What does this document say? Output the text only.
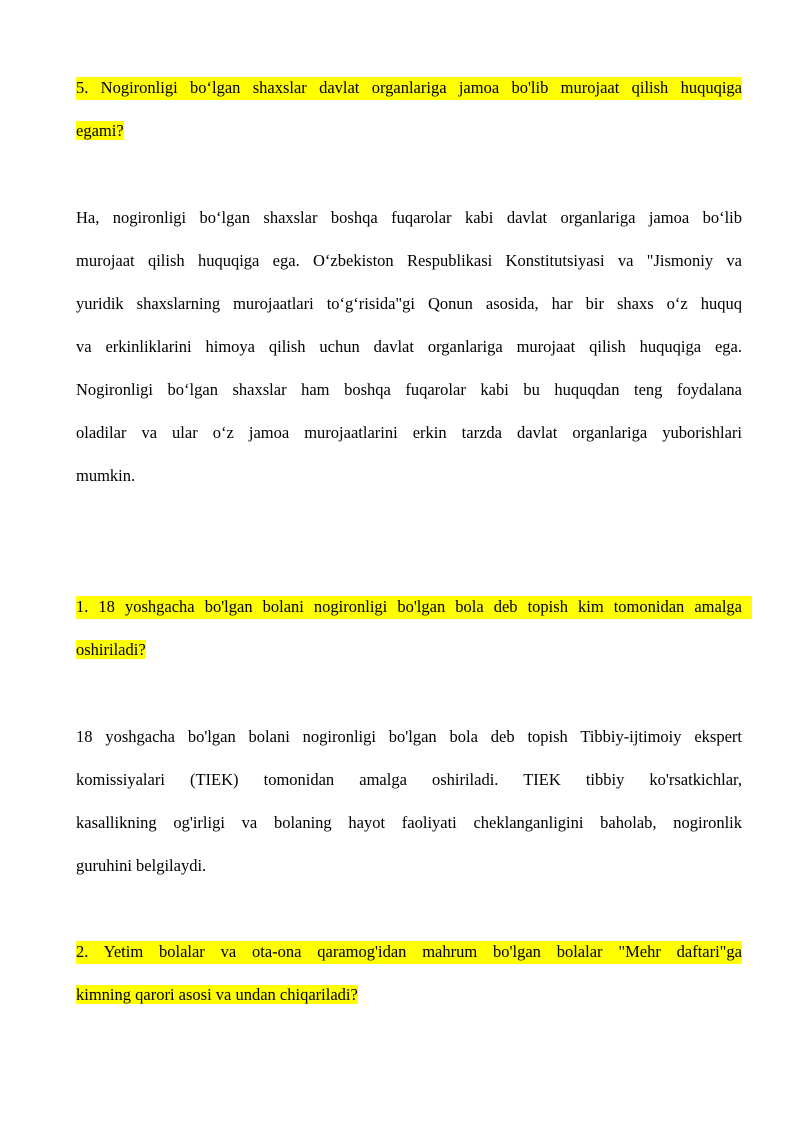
5. Nogironligi bo‘lgan shaxslar davlat organlariga jamoa bo'lib murojaat qilish huquqiga
egami?
Ha, nogironligi bo‘lgan shaxslar boshqa fuqarolar kabi davlat organlariga jamoa bo‘lib
murojaat qilish huquqiga ega. O‘zbekiston Respublikasi Konstitutsiyasi va "Jismoniy va
yuridik shaxslarning murojaatlari to‘g‘risida"gi Qonun asosida, har bir shaxs o‘z huquq
va erkinliklarini himoya qilish uchun davlat organlariga murojaat qilish huquqiga ega.
Nogironligi bo‘lgan shaxslar ham boshqa fuqarolar kabi bu huquqdan teng foydalana
oladilar va ular o‘z jamoa murojaatlarini erkin tarzda davlat organlariga yuborishlari
mumkin.
1. 18 yoshgacha bo'lgan bolani nogironligi bo'lgan bola deb topish kim tomonidan amalga
oshiriladi?
18 yoshgacha bo'lgan bolani nogironligi bo'lgan bola deb topish Tibbiy-ijtimoiy ekspert
komissiyalari (TIEK) tomonidan amalga oshiriladi. TIEK tibbiy ko'rsatkichlar,
kasallikning og'irligi va bolaning hayot faoliyati cheklanganligini baholab, nogironlik
guruhini belgilaydi.
2. Yetim bolalar va ota-ona qaramog'idan mahrum bo'lgan bolalar "Mehr daftari"ga
kimning qarori asosi va undan chiqariladi?
